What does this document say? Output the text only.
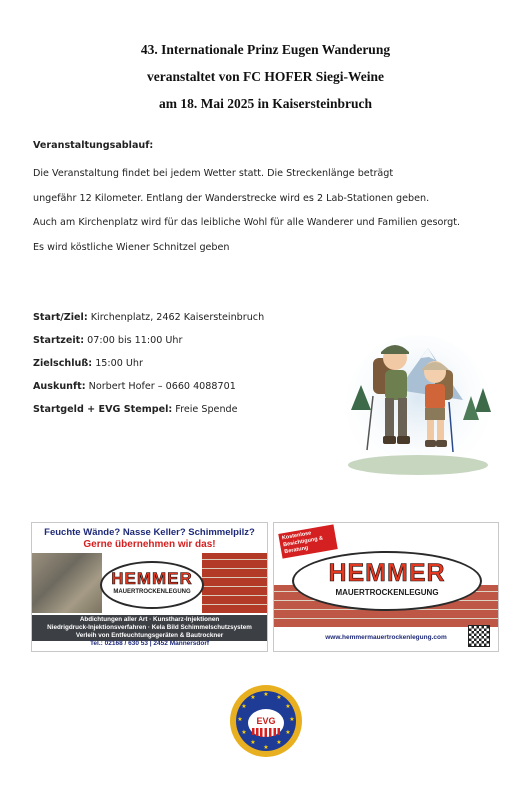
43. Internationale Prinz Eugen Wanderung
veranstaltet von FC HOFER Siegi-Weine
am 18. Mai 2025 in Kaisersteinbruch
Veranstaltungsablauf:
Die Veranstaltung findet bei jedem Wetter statt. Die Streckenlänge beträgt
ungefähr 12 Kilometer. Entlang der Wanderstrecke wird es 2 Lab-Stationen geben.
Auch am Kirchenplatz wird für das leibliche Wohl für alle Wanderer und Familien gesorgt.
Es wird köstliche Wiener Schnitzel geben
Start/Ziel: Kirchenplatz, 2462 Kaisersteinbruch
Startzeit: 07:00 bis 11:00 Uhr
Zielschluß: 15:00 Uhr
Auskunft: Norbert Hofer – 0660 4088701
Startgeld + EVG Stempel: Freie Spende
Feuchte Wände? Nasse Keller? Schimmelpilz?
Gerne übernehmen wir das!
HEMMER
MAUERTROCKENLEGUNG
Abdichtungen aller Art · Kunstharz-Injektionen
Niedrigdruck-Injektionsverfahren · Kela Bild Schimmelschutzsystem
Verleih von Entfeuchtungsgeräten & Bautrockner
Tel.: 02168 / 630 53 | 2452 Mannersdorf
Kostenlose Besichtigung & Beratung
HEMMER
MAUERTROCKENLEGUNG
www.hemmermauertrockenlegung.com
★ ★
★
★
★
★
★
★
★
★
★
★
EVG
